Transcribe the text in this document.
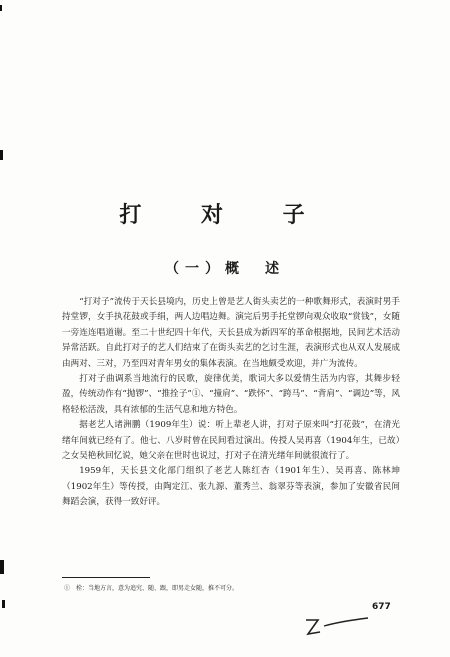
打 对 子
（一）概　述

“打对子”流传于天长县境内，历史上曾是艺人街头卖艺的一种歌舞形式，表演时男手持堂锣，女手执花鼓或手绢，两人边唱边舞。演完后男手托堂锣向观众收取“赏钱”，女随一旁连连唱道谢。至二十世纪四十年代，天长县成为新四军的革命根据地，民间艺术活动异常活跃。自此打对子的艺人们结束了在街头卖艺的乞讨生涯，表演形式也从双人发展成由两对、三对，乃至四对青年男女的集体表演。在当地颇受欢迎，并广为流传。

打对子曲调系当地流行的民歌，旋律优美，歌词大多以爱情生活为内容，其舞步轻盈，传统动作有“抛锣”、“推拴子”①、“撞肩”、“跌怀”、“跨马”、“背肩”、“调边”等，风格轻松活泼，具有浓郁的生活气息和地方特色。

据老艺人诸洲鹏（1909年生）说：听上辈老人讲，打对子原来叫“打花鼓”，在清光绪年间就已经有了。他七、八岁时曾在民间看过演出。传授人吴再喜（1904年生，已故）之女吴艳秋回忆说，她父亲在世时也说过，打对子在清光绪年间就很流行了。

1959年，天长县文化部门组织了老艺人陈红杏（1901年生）、吴再喜、陈林坤（1902年生）等传授，由陶定江、张九源、董秀兰、翁翠芬等表演，参加了安徽省民间舞蹈会演，获得一致好评。

①　栓：当地方言，意为追究、随、跟，即男走女随，推不可分。
677
